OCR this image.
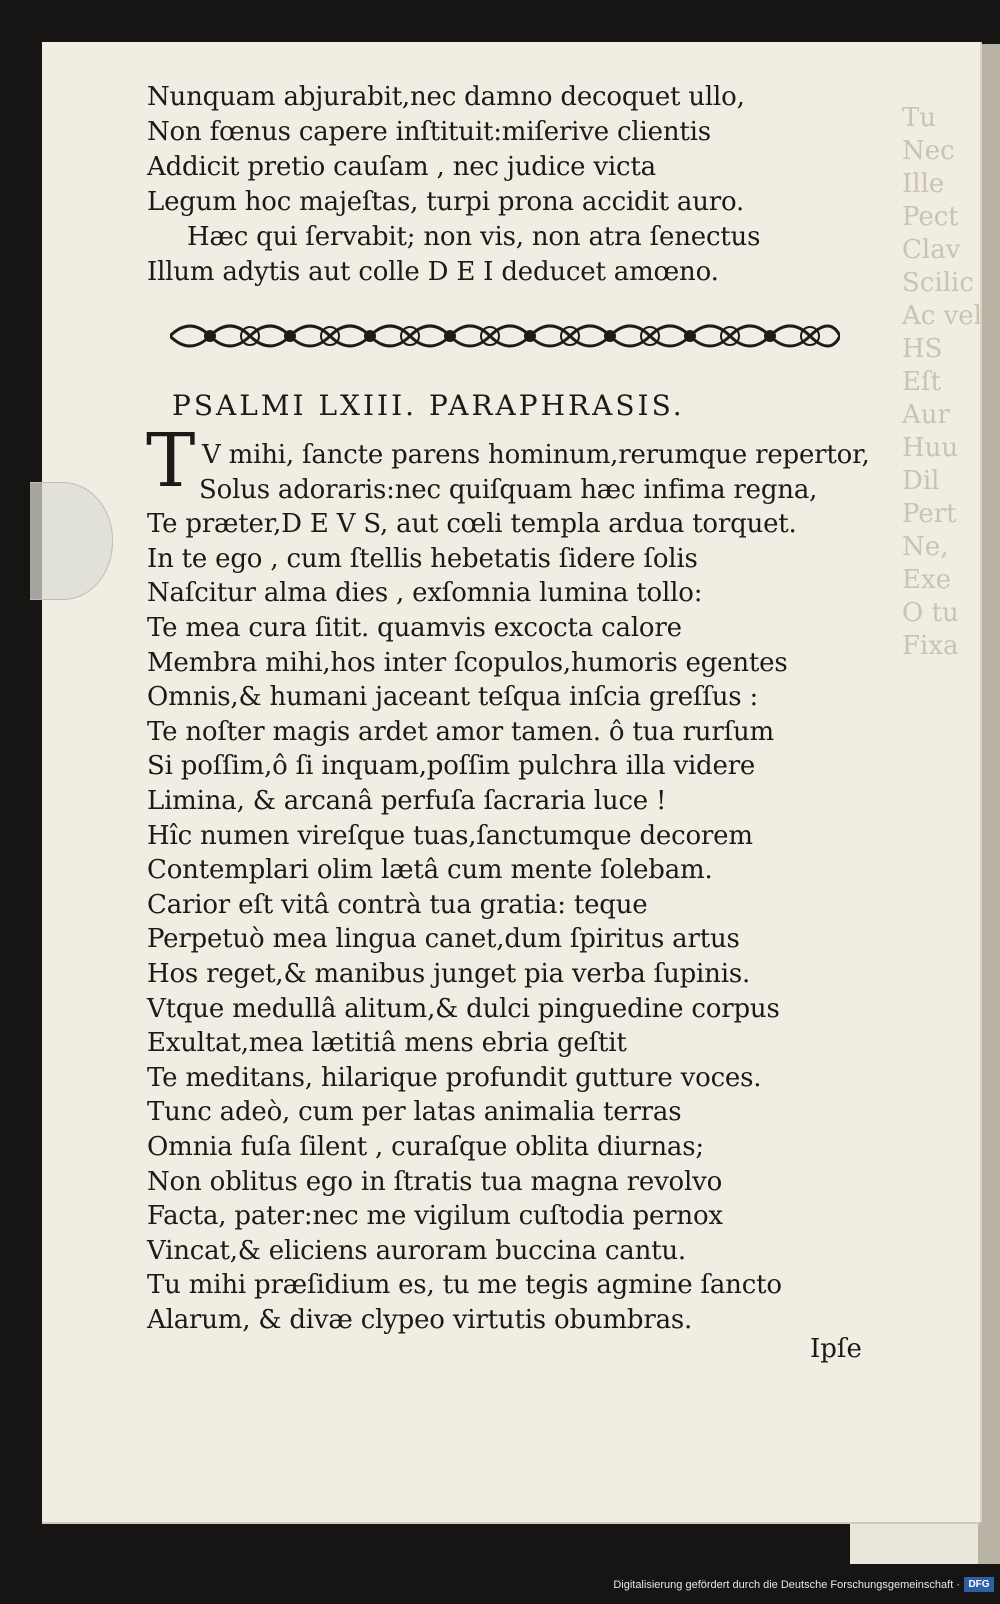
Tu
Nec
Ille
Pect
Clav
Scilic
Ac vel
HS
Eſt
Aur
Huu
Dil
Pert
Ne,
Exe
O tu
Fixa
Nunquam abjurabit,nec damno decoquet ullo,
Non fœnus capere inſtituit:miſerive clientis
Addicit pretio cauſam , nec judice victa
Legum hoc majeſtas, turpi prona accidit auro.
Hæc qui ſervabit; non vis, non atra ſenectus
Illum adytis aut colle D E I deducet amœno.
V mihi, ſancte parens hominum,rerumque repertor,
Solus adoraris:nec quiſquam hæc infima regna,
Te præter,D E V S, aut cœli templa ardua torquet.
In te ego , cum ſtellis hebetatis ſidere ſolis
Naſcitur alma dies , exſomnia lumina tollo:
Te mea cura ſitit. quamvis excocta calore
Membra mihi,hos inter ſcopulos,humoris egentes
Omnis,& humani jaceant teſqua inſcia greſſus :
Te noſter magis ardet amor tamen. ô tua rurſum
Si poſſim,ô ſi inquam,poſſim pulchra illa videre
Limina, & arcanâ perfuſa ſacraria luce !
Hîc numen vireſque tuas,ſanctumque decorem
Contemplari olim lætâ cum mente ſolebam.
Carior eſt vitâ contrà tua gratia: teque
Perpetuò mea lingua canet,dum ſpiritus artus
Hos reget,& manibus junget pia verba ſupinis.
Vtque medullâ alitum,& dulci pinguedine corpus
Exultat,mea lætitiâ mens ebria geſtit
Te meditans, hilarique profundit gutture voces.
Tunc adeò, cum per latas animalia terras
Omnia fuſa ſilent , curaſque oblita diurnas;
Non oblitus ego in ſtratis tua magna revolvo
Facta, pater:nec me vigilum cuſtodia pernox
Vincat,& eliciens auroram buccina cantu.
Tu mihi præſidium es, tu me tegis agmine ſancto
Alarum, & divæ clypeo virtutis obumbras.
PSALMI LXIII. PARAPHRASIS.
T
Ipſe
Digitalisierung gefördert durch die Deutsche Forschungsgemeinschaft · DFG
